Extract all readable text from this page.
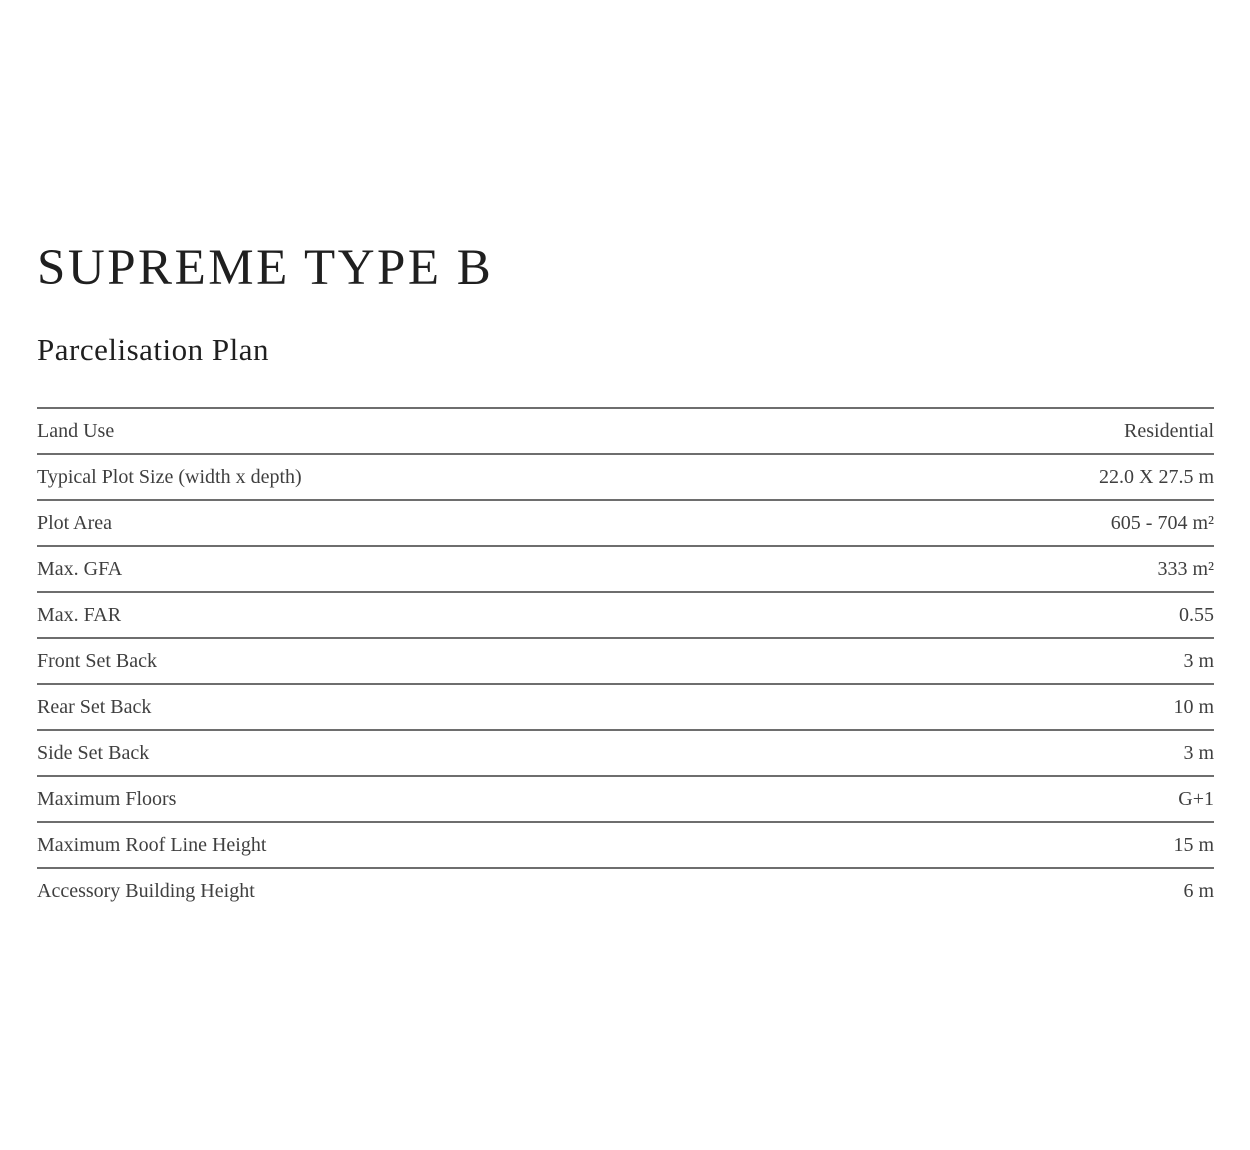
SUPREME TYPE B
Parcelisation Plan
Land Use	Residential
Typical Plot Size (width x depth)	22.0 X 27.5 m
Plot Area	605 - 704 m²
Max. GFA	333 m²
Max. FAR	0.55
Front Set Back	3 m
Rear Set Back	10 m
Side Set Back	3 m
Maximum Floors	G+1
Maximum Roof Line Height	15 m
Accessory Building Height	6 m
